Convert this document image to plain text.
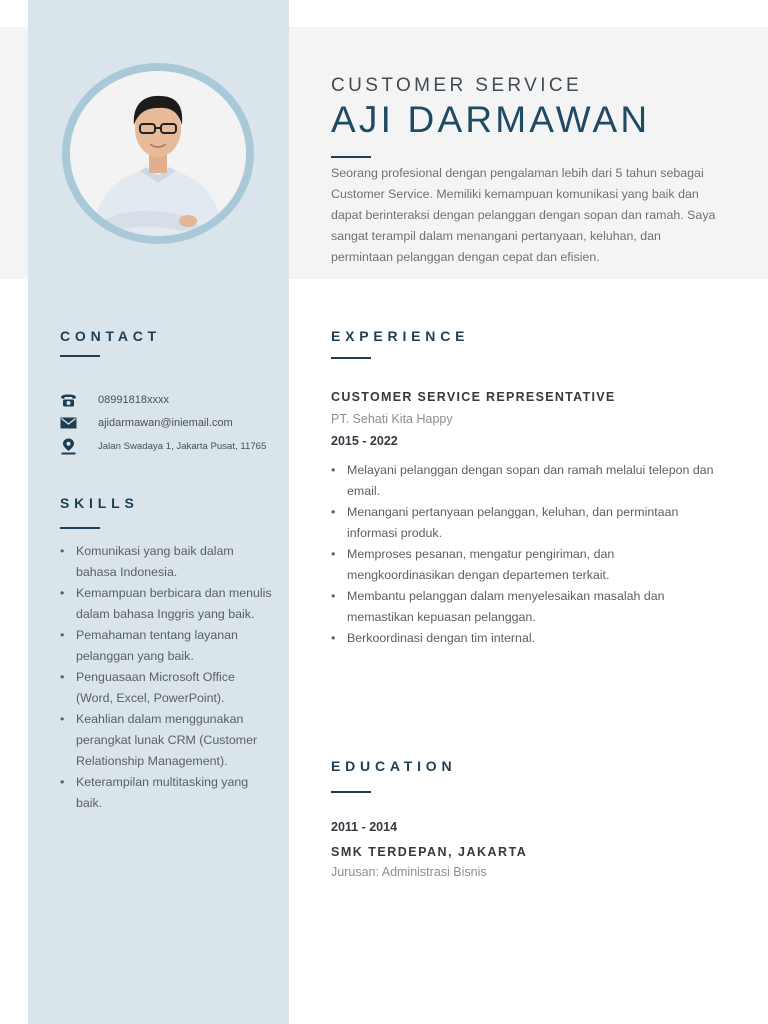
CUSTOMER SERVICE
AJI DARMAWAN

Seorang profesional dengan pengalaman lebih dari 5 tahun sebagai Customer Service. Memiliki kemampuan komunikasi yang baik dan dapat berinteraksi dengan pelanggan dengan sopan dan ramah. Saya sangat terampil dalam menangani pertanyaan, keluhan, dan permintaan pelanggan dengan cepat dan efisien.

CONTACT
08991818xxxx
ajidarmawan@iniemail.com
Jalan Swadaya 1, Jakarta Pusat, 11765
SKILLS
• Komunikasi yang baik dalam bahasa Indonesia.
• Kemampuan berbicara dan menulis dalam bahasa Inggris yang baik.
• Pemahaman tentang layanan pelanggan yang baik.
• Penguasaan Microsoft Office (Word, Excel, PowerPoint).
• Keahlian dalam menggunakan perangkat lunak CRM (Customer Relationship Management).
• Keterampilan multitasking yang baik.
EXPERIENCE
CUSTOMER SERVICE REPRESENTATIVE
PT. Sehati Kita Happy
2015 - 2022
• Melayani pelanggan dengan sopan dan ramah melalui telepon dan email.
• Menangani pertanyaan pelanggan, keluhan, dan permintaan informasi produk.
• Memproses pesanan, mengatur pengiriman, dan mengkoordinasikan dengan departemen terkait.
• Membantu pelanggan dalam menyelesaikan masalah dan memastikan kepuasan pelanggan.
• Berkoordinasi dengan tim internal.
EDUCATION
2011 - 2014
SMK TERDEPAN, JAKARTA
Jurusan: Administrasi Bisnis
